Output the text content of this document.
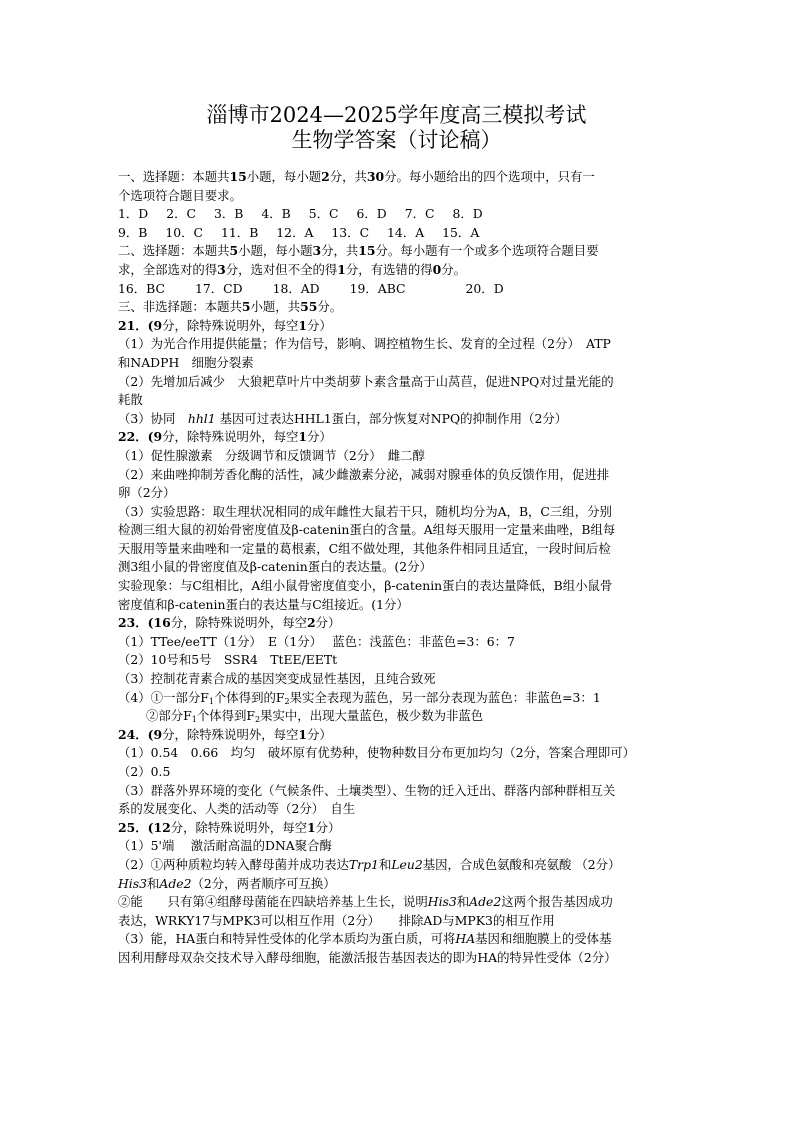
淄博市2024—2025学年度高三模拟考试
生物学答案（讨论稿）
一、选择题：本题共15小题，每小题2分，共30分。每小题给出的四个选项中，只有一
个选项符合题目要求。
1．D 2．C 3．B 4．B 5．C 6．D 7．C 8．D
9．B 10．C 11．B 12．A 13．C 14．A 15．A
二、选择题：本题共5小题，每小题3分，共15分。每小题有一个或多个选项符合题目要
求，全部选对的得3分，选对但不全的得1分，有选错的得0分。
16．BC 17．CD 18．AD 19．ABC	20．D
三、非选择题：本题共5小题，共55分。
21．(9分，除特殊说明外，每空1分）
（1）为光合作用提供能量；作为信号，影响、调控植物生长、发育的全过程（2分）　ATP
和NADPH　细胞分裂素
（2）先增加后减少　大狼耙草叶片中类胡萝卜素含量高于山莴苣，促进NPQ对过量光能的
耗散
（3）协同　hhl1 基因可过表达HHL1蛋白，部分恢复对NPQ的抑制作用（2分）
22．(9分，除特殊说明外，每空1分）
（1）促性腺激素　分级调节和反馈调节（2分）　雌二醇
（2）来曲唑抑制芳香化酶的活性，减少雌激素分泌，减弱对腺垂体的负反馈作用，促进排
卵（2分）
（3）实验思路：取生理状况相同的成年雌性大鼠若干只，随机均分为A，B，C三组，分别
检测三组大鼠的初始骨密度值及β-catenin蛋白的含量。A组每天服用一定量来曲唑，B组每
天服用等量来曲唑和一定量的葛根素，C组不做处理，其他条件相同且适宜，一段时间后检
测3组小鼠的骨密度值及β-catenin蛋白的表达量。(2分）
实验现象：与C组相比，A组小鼠骨密度值变小，β-catenin蛋白的表达量降低，B组小鼠骨
密度值和β-catenin蛋白的表达量与C组接近。(1分）
23．(16分，除特殊说明外，每空2分）
（1）TTee/eeTT（1分）　E（1分）　 蓝色：浅蓝色：非蓝色=3：6：7
（2）10号和5号　SSR4　TtEE/EETt
（3）控制花青素合成的基因突变成显性基因，且纯合致死
（4）①一部分$F_1$个体得到的$F_2$果实全表现为蓝色，另一部分表现为蓝色：非蓝色=3：1
②部分$F_1$个体得到$F_2$果实中，出现大量蓝色，极少数为非蓝色
24．(9分，除特殊说明外，每空1分）
（1）0.54　0.66　均匀　破坏原有优势种，使物种数目分布更加均匀（2分，答案合理即可）
（2）0.5
（3）群落外界环境的变化（气候条件、土壤类型）、生物的迁入迁出、群落内部种群相互关
系的发展变化、人类的活动等（2分）　自生
25．(12分，除特殊说明外，每空1分）
（1）5'端　 激活耐高温的DNA聚合酶
（2）①两种质粒均转入酵母菌并成功表达Trp1和Leu2基因，合成色氨酸和亮氨酸 （2分）
His3和Ade2（2分，两者顺序可互换）
②能　　只有第④组酵母菌能在四缺培养基上生长，说明His3和Ade2这两个报告基因成功
表达，WRKY17与MPK3可以相互作用（2分）　　排除AD与MPK3的相互作用
（3）能，HA蛋白和特异性受体的化学本质均为蛋白质，可将HA基因和细胞膜上的受体基
因利用酵母双杂交技术导入酵母细胞，能激活报告基因表达的即为HA的特异性受体（2分）
